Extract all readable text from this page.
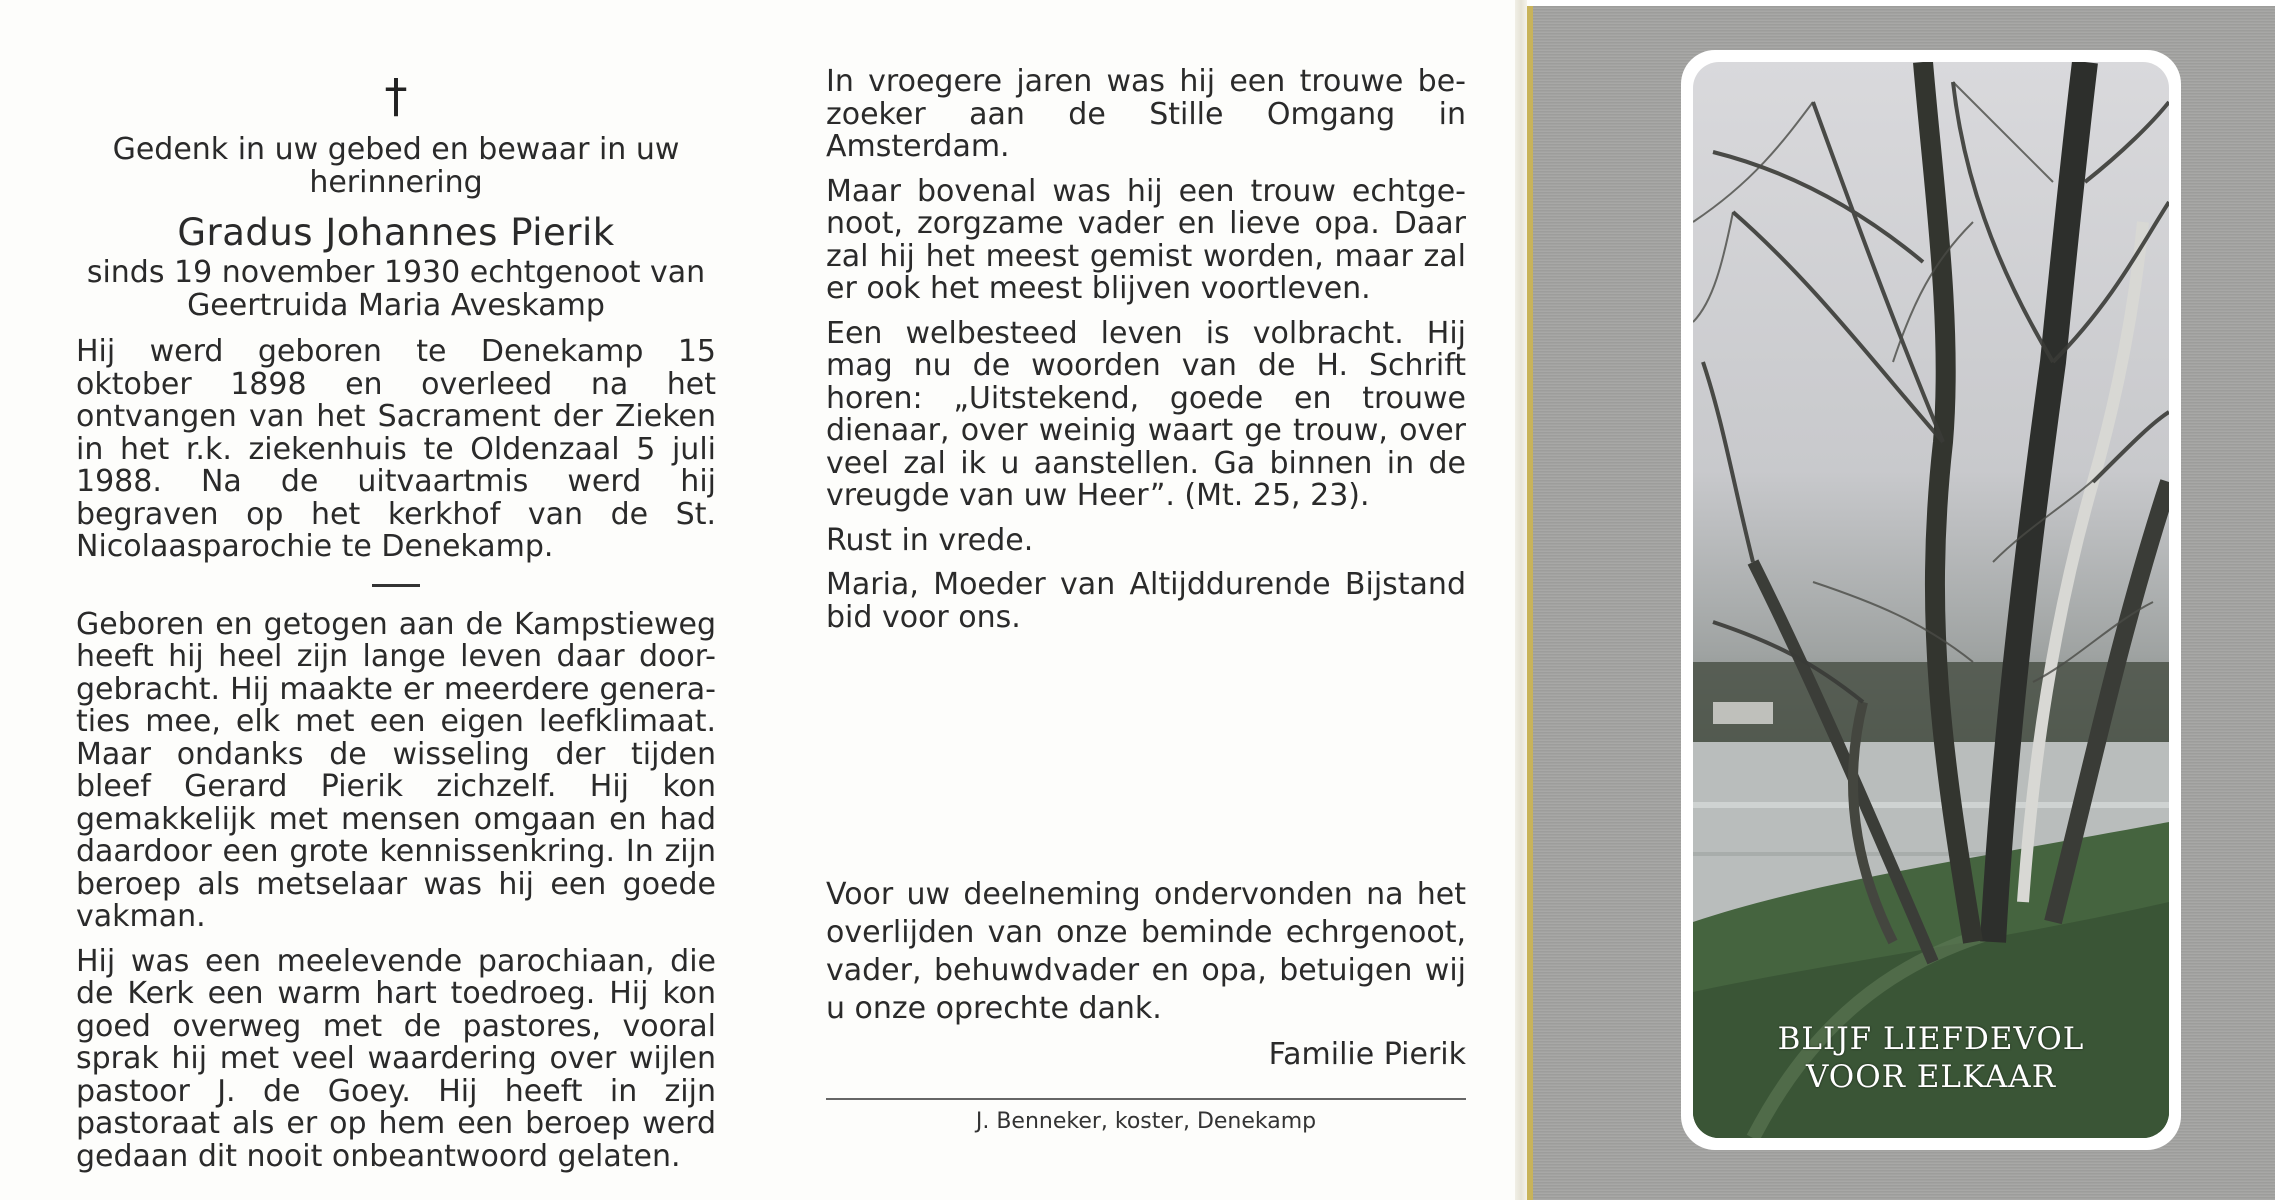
†

Gedenk in uw gebed en bewaar in uw herinnering

Gradus Johannes Pierik

sinds 19 november 1930 echtgenoot van

Geertruida Maria Aveskamp

Hij werd geboren te Denekamp 15 oktober 1898 en overleed na het ontvangen van het Sacrament der Zieken in het r.k. ziekenhuis te Oldenzaal 5 juli 1988. Na de uitvaartmis werd hij begraven op het kerkhof van de St. Nicolaasparochie te Denekamp.

Geboren en getogen aan de Kampstieweg heeft hij heel zijn lange leven daar door-gebracht. Hij maakte er meerdere genera-ties mee, elk met een eigen leefklimaat. Maar ondanks de wisseling der tijden bleef Gerard Pierik zichzelf. Hij kon gemakkelijk met mensen omgaan en had daardoor een grote kennissenkring. In zijn beroep als metselaar was hij een goede vakman.

Hij was een meelevende parochiaan, die de Kerk een warm hart toedroeg. Hij kon goed overweg met de pastores, vooral sprak hij met veel waardering over wijlen pastoor J. de Goey. Hij heeft in zijn pastoraat als er op hem een beroep werd gedaan dit nooit onbeantwoord gelaten.

In vroegere jaren was hij een trouwe be-zoeker aan de Stille Omgang in Amsterdam.

Maar bovenal was hij een trouw echtge-noot, zorgzame vader en lieve opa. Daar zal hij het meest gemist worden, maar zal er ook het meest blijven voortleven.

Een welbesteed leven is volbracht. Hij mag nu de woorden van de H. Schrift horen: „Uitstekend, goede en trouwe dienaar, over weinig waart ge trouw, over veel zal ik u aanstellen. Ga binnen in de vreugde van uw Heer”. (Mt. 25, 23).

Rust in vrede.

Maria, Moeder van Altijddurende Bijstand bid voor ons.

Voor uw deelneming ondervonden na het

overlijden van onze beminde echrgenoot,

vader, behuwdvader en opa, betuigen wij

u onze oprechte dank.

Familie Pierik

J. Benneker, koster, Denekamp
BLIJF LIEFDEVOL
VOOR ELKAAR
